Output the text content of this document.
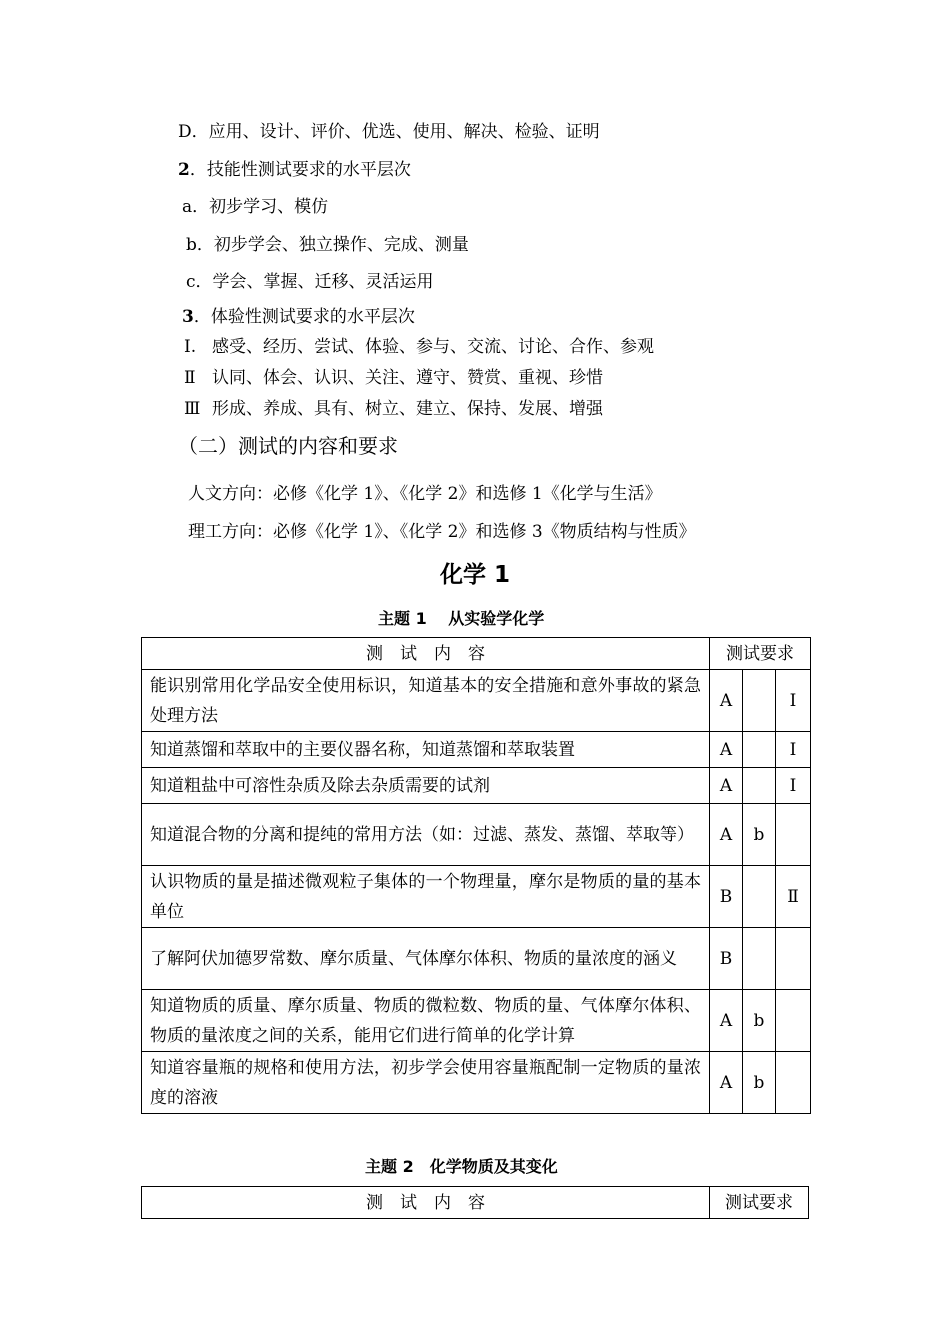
D．应用、设计、评价、优选、使用、解决、检验、证明
2．技能性测试要求的水平层次
a．初步学习、模仿
b．初步学会、独立操作、完成、测量
c．学会、掌握、迁移、灵活运用
3．体验性测试要求的水平层次
Ⅰ. 感受、经历、尝试、体验、参与、交流、讨论、合作、参观
Ⅱ 认同、体会、认识、关注、遵守、赞赏、重视、珍惜
Ⅲ 形成、养成、具有、树立、建立、保持、发展、增强
（二）测试的内容和要求
人文方向：必修《化学 1》、《化学 2》和选修 1《化学与生活》
理工方向：必修《化学 1》、《化学 2》和选修 3《物质结构与性质》
化学 1
主题 1　 从实验学化学
测　试　内　容	测试要求		
能识别常用化学品安全使用标识，知道基本的安全措施和意外事故的紧急处理方法	A		Ⅰ
知道蒸馏和萃取中的主要仪器名称，知道蒸馏和萃取装置	A		Ⅰ
知道粗盐中可溶性杂质及除去杂质需要的试剂	A		Ⅰ
知道混合物的分离和提纯的常用方法（如：过滤、蒸发、蒸馏、萃取等）	A	b	
认识物质的量是描述微观粒子集体的一个物理量，摩尔是物质的量的基本单位	B		Ⅱ
了解阿伏加德罗常数、摩尔质量、气体摩尔体积、物质的量浓度的涵义	B		
知道物质的质量、摩尔质量、物质的微粒数、物质的量、气体摩尔体积、物质的量浓度之间的关系，能用它们进行简单的化学计算	A	b	
知道容量瓶的规格和使用方法，初步学会使用容量瓶配制一定物质的量浓度的溶液	A	b	
主题 2　化学物质及其变化
测　试　内　容	测试要求
